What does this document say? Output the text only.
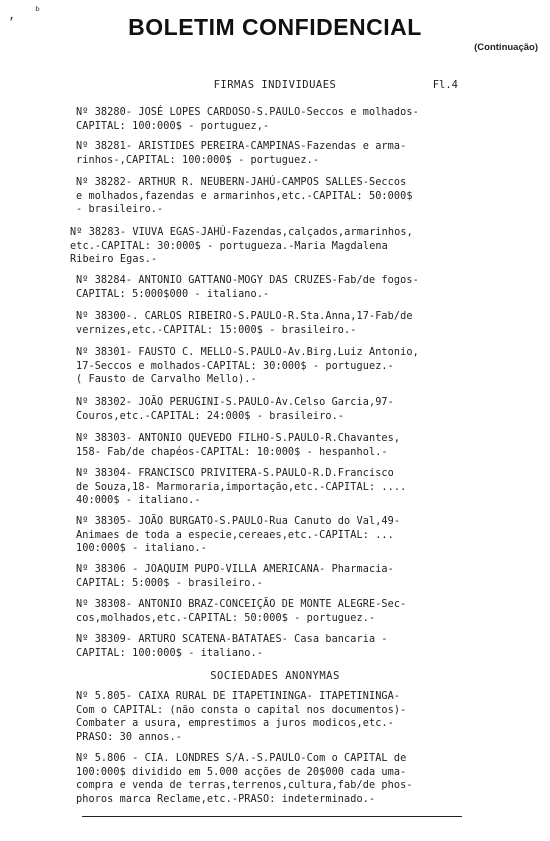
BOLETIM CONFIDENCIAL
(Continuação)
, ᵇ
FIRMAS INDIVIDUAES	Fl.4
Nº 38280- JOSÉ LOPES CARDOSO-S.PAULO-Seccos e molhados-
CAPITAL: 100:000$ - portuguez,-
Nº 38281- ARISTIDES PEREIRA-CAMPINAS-Fazendas e arma-
rinhos-,CAPITAL: 100:000$ - portuguez.-
Nº 38282- ARTHUR R. NEUBERN-JAHÚ-CAMPOS SALLES-Seccos
e molhados,fazendas e armarinhos,etc.-CAPITAL: 50:000$
- brasileiro.-
Nº 38283- VIUVA EGAS-JAHÚ-Fazendas,calçados,armarinhos,
etc.-CAPITAL: 30:000$ - portugueza.-Maria Magdalena
Ribeiro Egas.-
Nº 38284- ANTONIO GATTANO-MOGY DAS CRUZES-Fab/de fogos-
CAPITAL: 5:000$000 - italiano.-
Nº 38300-. CARLOS RIBEIRO-S.PAULO-R.Sta.Anna,17-Fab/de
vernizes,etc.-CAPITAL: 15:000$ - brasileiro.-
Nº 38301- FAUSTO C. MELLO-S.PAULO-Av.Birg.Luiz Antonio,
17-Seccos e molhados-CAPITAL: 30:000$ - portuguez.-
( Fausto de Carvalho Mello).-
Nº 38302- JOÃO PERUGINI-S.PAULO-Av.Celso Garcia,97-
Couros,etc.-CAPITAL: 24:000$ - brasileiro.-
Nº 38303- ANTONIO QUEVEDO FILHO-S.PAULO-R.Chavantes,
158- Fab/de chapéos-CAPITAL: 10:000$ - hespanhol.-
Nº 38304- FRANCISCO PRIVITERA-S.PAULO-R.D.Francisco
de Souza,18- Marmoraria,importação,etc.-CAPITAL: ....
40:000$ - italiano.-
Nº 38305- JOÃO BURGATO-S.PAULO-Rua Canuto do Val,49-
Animaes de toda a especie,cereaes,etc.-CAPITAL: ...
100:000$ - italiano.-
Nº 38306 - JOAQUIM PUPO-VILLA AMERICANA- Pharmacia-
CAPITAL: 5:000$ - brasileiro.-
Nº 38308- ANTONIO BRAZ-CONCEIÇÃO DE MONTE ALEGRE-Sec-
cos,molhados,etc.-CAPITAL: 50:000$ - portuguez.-
Nº 38309- ARTURO SCATENA-BATATAES- Casa bancaria -
CAPITAL: 100:000$ - italiano.-
SOCIEDADES ANONYMAS
Nº 5.805- CAIXA RURAL DE ITAPETININGA- ITAPETININGA-
Com o CAPITAL: (não consta o capital nos documentos)-
Combater a usura, emprestimos a juros modicos,etc.-
PRASO: 30 annos.-
Nº 5.806 - CIA. LONDRES S/A.-S.PAULO-Com o CAPITAL de
100:000$ dividido em 5.000 acções de 20$000 cada uma-
compra e venda de terras,terrenos,cultura,fab/de phos-
phoros marca Reclame,etc.-PRASO: indeterminado.-
